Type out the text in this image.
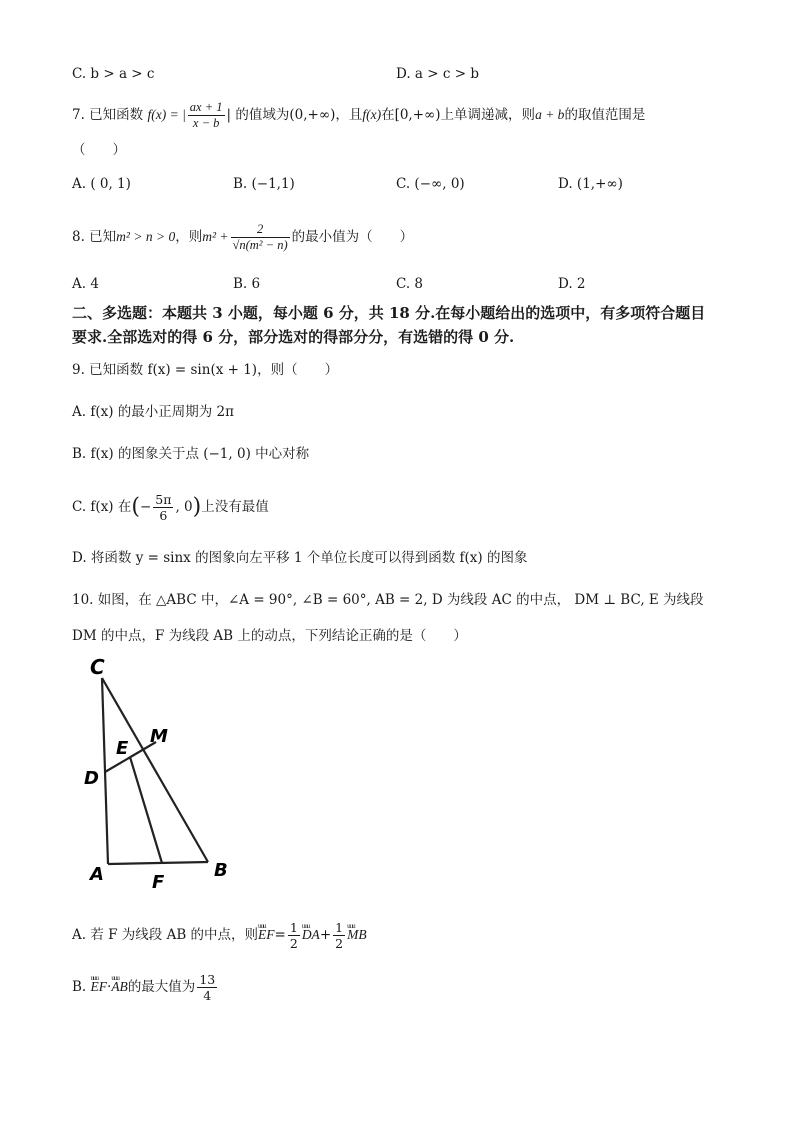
C. b > a > c	D. a > c > b
7. 已知函数 f(x) = | $\frac{ax + 1}{x - b}$ | 的值域为(0,+∞)，且f(x)在[0,+∞)上单调递减，则a + b的取值范围是
（　　）
A. ( 0, 1)	B. (−1,1)	C. (−∞, 0)	D. (1,+∞)
8. 已知m² > n > 0，则$m^2 + \frac{2}{\text{√n(m² − n)}}$ 的最小值为（　　）
A. 4	B. 6	C. 8	D. 2
二、多选题：本题共 3 小题，每小题 6 分，共 18 分.在每小题给出的选项中，有多项符合题目
要求.全部选对的得 6 分，部分选对的得部分分，有选错的得 0 分.
9. 已知函数 f(x) = sin(x + 1)，则（　　）
A. f(x) 的最小正周期为 2π
B. f(x) 的图象关于点 (−1, 0) 中心对称
C. f(x) 在(− $\frac{5\pi}{6}$ , 0)上没有最值
D. 将函数 y = sinx 的图象向左平移 1 个单位长度可以得到函数 f(x) 的图象
10. 如图，在 △ABC 中，∠A = 90°, ∠B = 60°, AB = 2, D 为线段 AC 的中点， DM ⊥ BC, E 为线段
DM 的中点，F 为线段 AB 上的动点，下列结论正确的是（　　）
C
M
E
D
A	F
B
A. 若 F 为线段 AB 的中点，则uuu $EF= \frac{1}{2}$ uuu $DA+ \frac{1}{2}$ uuu MB
B. uuu EF·uuu AB的最大值为 $\frac{13}{4}$
